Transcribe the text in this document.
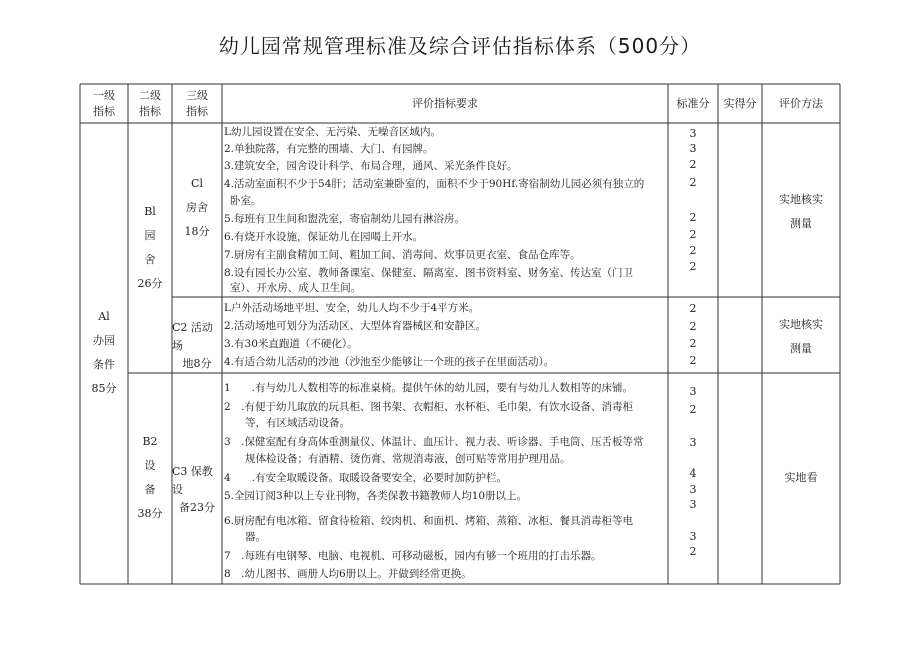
幼儿园常规管理标准及综合评估指标体系（500分）
一级
指标
二级
指标
三级
指标
评价指标要求	标准分 实得分 评价方法
Al
办园
条件
85分
Bl
园
舍
26分
B2
设
备
38分
Cl
房舍
18分
C2 活动场
地8分
C3 保教设
备23分
L幼儿园设置在安全、无污染、无噪音区域内。
2.单独院落，有完整的围墙、大门、有园牌。
3.建筑安全，园舍设计科学、布局合理，通风、采光条件良好。
4.活动室面积不少于54肝；活动室兼卧室的，面积不少于90Hf.寄宿制幼儿园必须有独立的
卧室。
5.每班有卫生间和盥洗室，寄宿制幼儿园有淋浴房。
6.有烧开水设施，保证幼儿在园喝上开水。
7.厨房有主副食精加工间、粗加工间、消毒间、炊事员更衣室、食品仓库等。
8.设有园长办公室、教师备课室、保健室、隔离室、图书资料室、财务室、传达室（门卫
室）、开水房、成人卫生间。
3
3
2
2
2
2
2
2
实地核实
测量
L户外活动场地平坦、安全，幼儿人均不少于4平方米。
2.活动场地可划分为活动区、大型体育器械区和安静区。
3.有30米直跑道（不硬化）。
4.有适合幼儿活动的沙池（沙池至少能够让一个班的孩子在里面活动）。
2
2
2
2
实地核实
测量
1　　.有与幼儿人数相等的标准桌椅。提供午休的幼儿园，要有与幼儿人数相等的床铺。
2　.有便于幼儿取放的玩具柜、图书架、衣帽柜、水杯柜、毛巾架，有饮水设备、消毒柜
　　等，有区域活动设备。
3　.保健室配有身高体重测量仪、体温计、血压计、视力表、听诊器、手电筒、压舌板等常
　　规体检设备；有酒精、烫伤膏、常规消毒液，创可贴等常用护理用品。
4　　.有安全取暖设备。取暖设备要安全，必要时加防护栏。
5.全园订阅3种以上专业刊物，各类保教书籍教师人均10册以上。
6.厨房配有电冰箱、留食待检箱、绞肉机、和面机、烤箱、蒸箱、冰柜、餐具消毒柜等电
　　器。
7　.每班有电钢琴、电脑、电视机、可移动磁板，园内有够一个班用的打击乐器。
8　.幼儿图书、画册人均6册以上。并做到经常更换。
3
2
3
4
3
3
3
2
实地看
